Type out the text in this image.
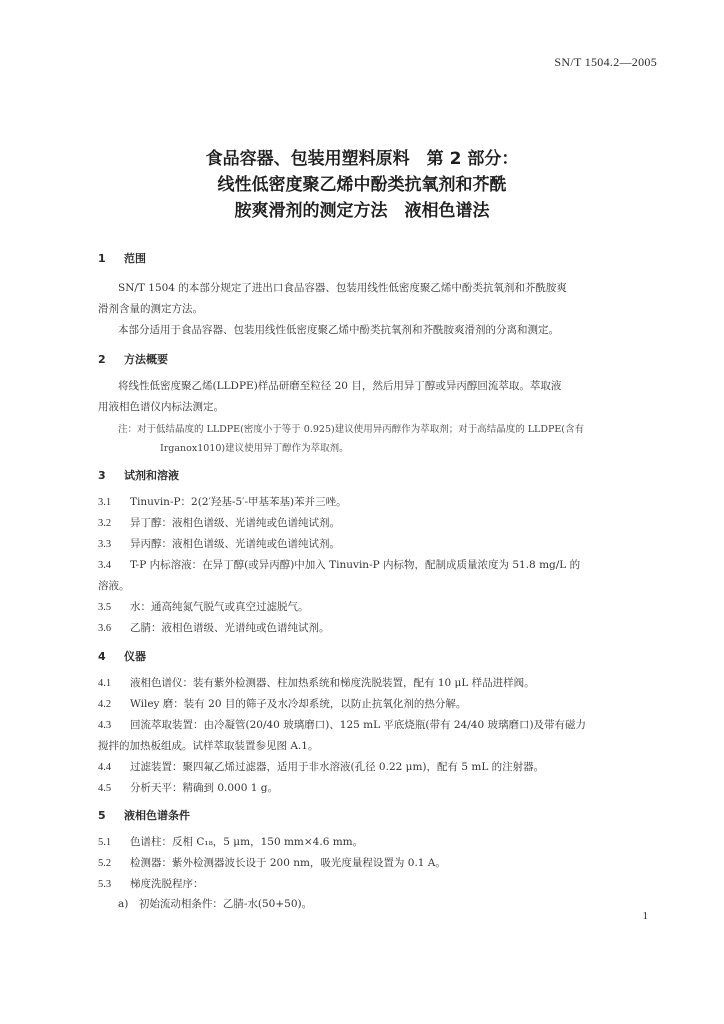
SN/T 1504.2—2005
食品容器、包装用塑料原料　第 2 部分：
线性低密度聚乙烯中酚类抗氧剂和芥酰
胺爽滑剂的测定方法　液相色谱法
1 范围
SN/T 1504 的本部分规定了进出口食品容器、包装用线性低密度聚乙烯中酚类抗氧剂和芥酰胺爽
滑剂含量的测定方法。
本部分适用于食品容器、包装用线性低密度聚乙烯中酚类抗氧剂和芥酰胺爽滑剂的分离和测定。
2 方法概要
将线性低密度聚乙烯(LLDPE)样品研磨至粒径 20 目，然后用异丁醇或异丙醇回流萃取。萃取液
用液相色谱仪内标法测定。
注：对于低结晶度的 LLDPE(密度小于等于 0.925)建议使用异丙醇作为萃取剂；对于高结晶度的 LLDPE(含有
Irganox1010)建议使用异丁醇作为萃取剂。
3 试剂和溶液
3.1 Tinuvin-P：2(2′羟基-5′-甲基苯基)苯并三唑。
3.2 异丁醇：液相色谱级、光谱纯或色谱纯试剂。
3.3 异丙醇：液相色谱级、光谱纯或色谱纯试剂。
3.4 T-P 内标溶液：在异丁醇(或异丙醇)中加入 Tinuvin-P 内标物，配制成质量浓度为 51.8 mg/L 的
溶液。
3.5 水：通高纯氮气脱气或真空过滤脱气。
3.6 乙腈：液相色谱级、光谱纯或色谱纯试剂。
4 仪器
4.1 液相色谱仪：装有紫外检测器、柱加热系统和梯度洗脱装置，配有 10 μL 样品进样阀。
4.2 Wiley 磨：装有 20 目的筛子及水冷却系统，以防止抗氧化剂的热分解。
4.3 回流萃取装置：由冷凝管(20/40 玻璃磨口)、125 mL 平底烧瓶(带有 24/40 玻璃磨口)及带有磁力
搅拌的加热板组成。试样萃取装置参见图 A.1。
4.4 过滤装置：聚四氟乙烯过滤器，适用于非水溶液(孔径 0.22 μm)，配有 5 mL 的注射器。
4.5 分析天平：精确到 0.000 1 g。
5 液相色谱条件
5.1 色谱柱：反相 C₁₈，5 μm，150 mm×4.6 mm。
5.2 检测器：紫外检测器波长设于 200 nm，吸光度量程设置为 0.1 A。
5.3 梯度洗脱程序：
a)　初始流动相条件：乙腈-水(50+50)。
1
